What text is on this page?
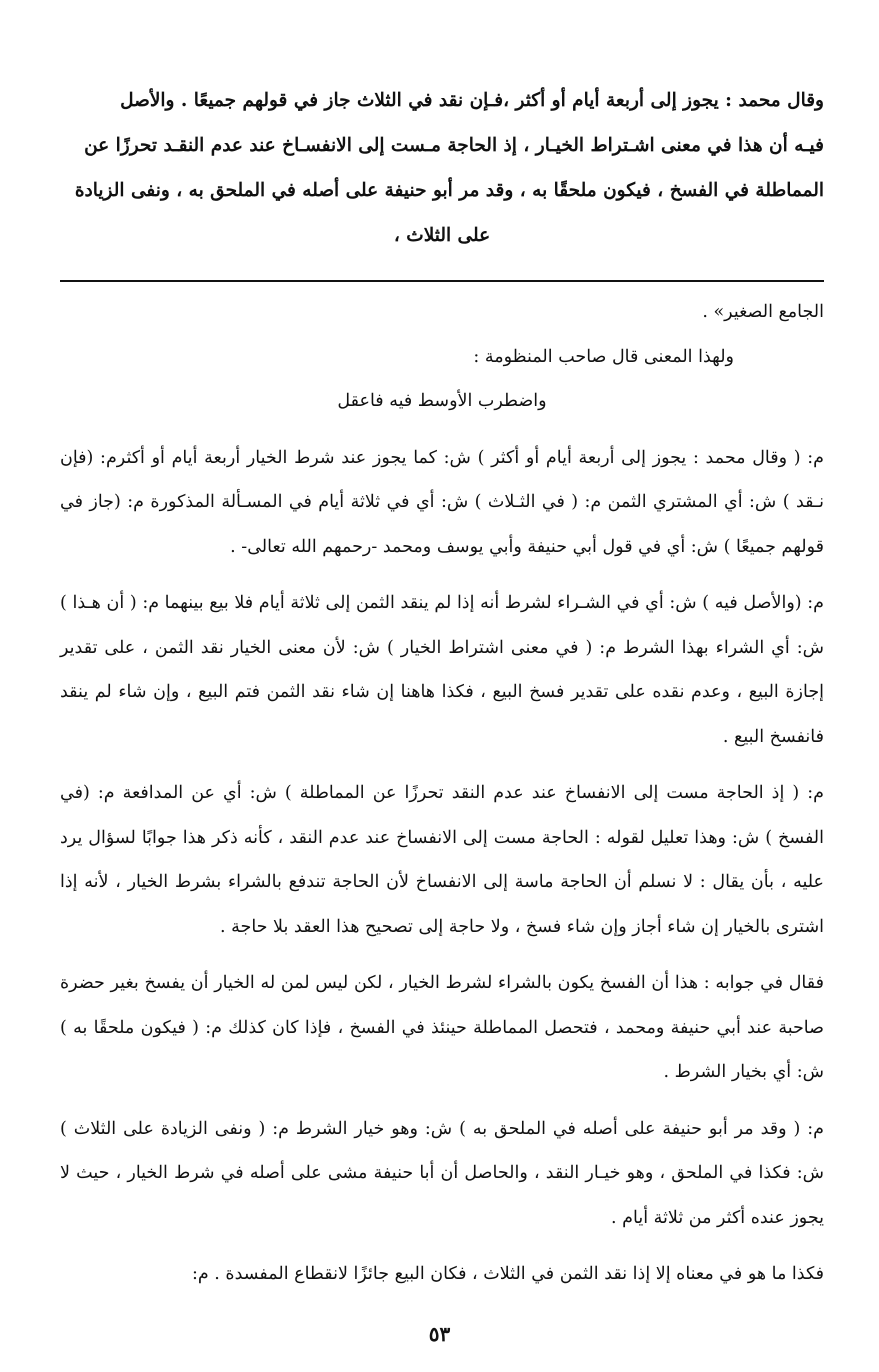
وقال محمد : يجوز إلى أربعة أيام أو أكثر ،فـإن نقد في الثلاث جاز في قولهم جميعًا . والأصل

فيـه أن هذا في معنى اشـتراط الخيـار ، إذ الحاجة مـست إلى الانفسـاخ عند عدم النقـد تحرزًا عن

المماطلة في الفسخ ، فيكون ملحقًا به ، وقد مر أبو حنيفة على أصله في الملحق به ، ونفى الزيادة

على الثلاث ،

الجامع الصغير» .

ولهذا المعنى قال صاحب المنظومة :

واضطرب الأوسط فيه فاعقل

م: ( وقال محمد : يجوز إلى أربعة أيام أو أكثر ) ش: كما يجوز عند شرط الخيار أربعة أيام أو أكثرم: (فإن نـقد ) ش: أي المشتري الثمن م: ( في الثـلاث ) ش: أي في ثلاثة أيام في المسـألة المذكورة م: (جاز في قولهم جميعًا ) ش: أي في قول أبي حنيفة وأبي يوسف ومحمد -رحمهم الله تعالى- .

م: (والأصل فيه ) ش: أي في الشـراء لشرط أنه إذا لم ينقد الثمن إلى ثلاثة أيام فلا بيع بينهما م: ( أن هـذا ) ش: أي الشراء بهذا الشرط م: ( في معنى اشتراط الخيار ) ش: لأن معنى الخيار نقد الثمن ، على تقدير إجازة البيع ، وعدم نقده على تقدير فسخ البيع ، فكذا هاهنا إن شاء نقد الثمن فتم البيع ، وإن شاء لم ينقد فانفسخ البيع .

م: ( إذ الحاجة مست إلى الانفساخ عند عدم النقد تحرزًا عن المماطلة ) ش: أي عن المدافعة م: (في الفسخ ) ش: وهذا تعليل لقوله : الحاجة مست إلى الانفساخ عند عدم النقد ، كأنه ذكر هذا جوابًا لسؤال يرد عليه ، بأن يقال : لا نسلم أن الحاجة ماسة إلى الانفساخ لأن الحاجة تندفع بالشراء بشرط الخيار ، لأنه إذا اشترى بالخيار إن شاء أجاز وإن شاء فسخ ، ولا حاجة إلى تصحيح هذا العقد بلا حاجة .

فقال في جوابه : هذا أن الفسخ يكون بالشراء لشرط الخيار ، لكن ليس لمن له الخيار أن يفسخ بغير حضرة صاحبة عند أبي حنيفة ومحمد ، فتحصل المماطلة حينئذ في الفسخ ، فإذا كان كذلك م: ( فيكون ملحقًا به ) ش: أي بخيار الشرط .

م: ( وقد مر أبو حنيفة على أصله في الملحق به ) ش: وهو خيار الشرط م: ( ونفى الزيادة على الثلاث ) ش: فكذا في الملحق ، وهو خيـار النقد ، والحاصل أن أبا حنيفة مشى على أصله في شرط الخيار ، حيث لا يجوز عنده أكثر من ثلاثة أيام .

فكذا ما هو في معناه إلا إذا نقد الثمن في الثلاث ، فكان البيع جائزًا لانقطاع المفسدة . م:

٥٣
